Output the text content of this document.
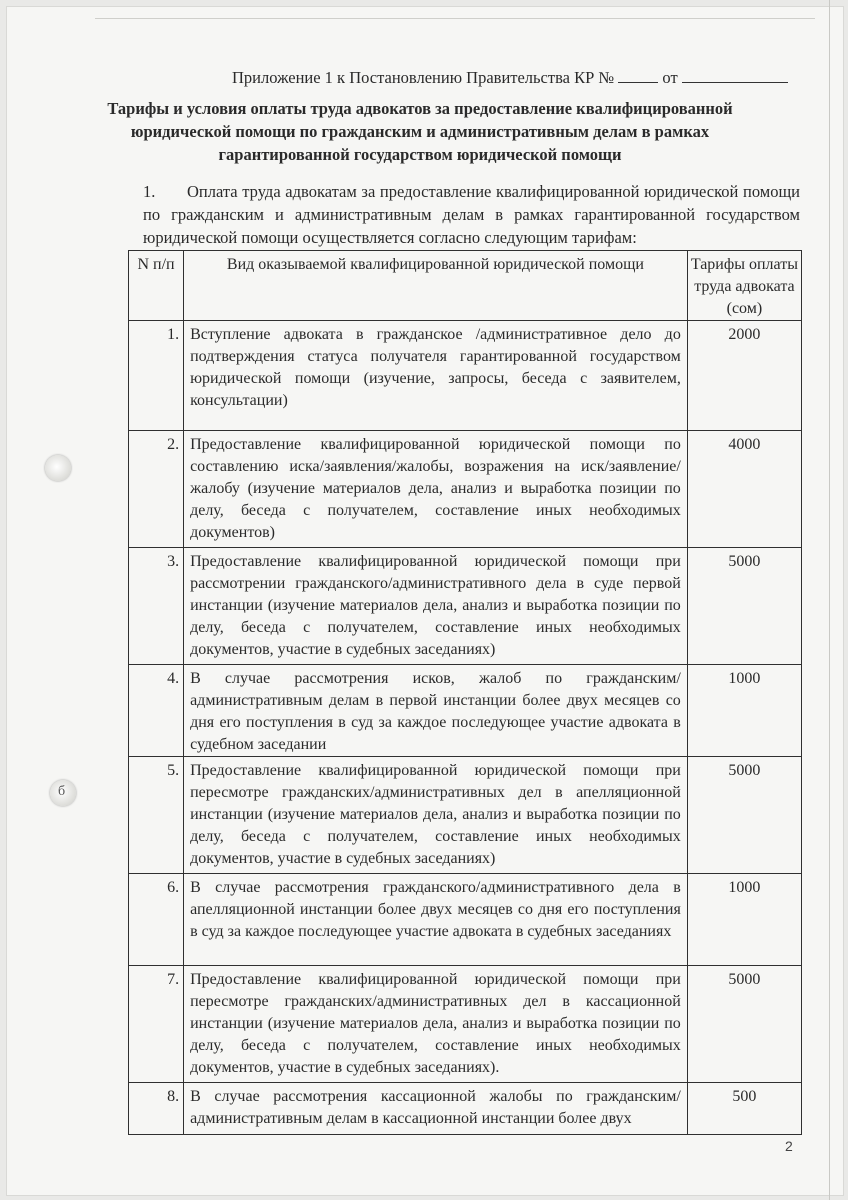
б
Приложение 1 к Постановлению Правительства КР №	от
Тарифы и условия оплаты труда адвокатов за предоставление квалифицированной юридической помощи по гражданским и административным делам в рамках гарантированной государством юридической помощи
1. Оплата труда адвокатам за предоставление квалифицированной юридической помощи по гражданским и административным делам в рамках гарантированной государством юридической помощи осуществляется согласно следующим тарифам:
N п/п	Вид оказываемой квалифицированной юридической помощи	Тарифы оплаты труда адвоката (сом)
1.	Вступление адвоката в гражданское /административное дело до подтверждения статуса получателя гарантированной государством юридической помощи (изучение, запросы, беседа с заявителем, консультации)	2000
2.	Предоставление квалифицированной юридической помощи по составлению иска/заявления/жалобы, возражения на иск/заявление/жалобу (изучение материалов дела, анализ и выработка позиции по делу, беседа с получателем, составление иных необходимых документов)	4000
3.	Предоставление квалифицированной юридической помощи при рассмотрении гражданского/административного дела в суде первой инстанции (изучение материалов дела, анализ и выработка позиции по делу, беседа с получателем, составление иных необходимых документов, участие в судебных заседаниях)	5000
4.	В случае рассмотрения исков, жалоб по гражданским/ административным делам в первой инстанции более двух месяцев со дня его поступления в суд за каждое последующее участие адвоката в судебном заседании	1000
5.	Предоставление квалифицированной юридической помощи при пересмотре гражданских/административных дел в апелляционной инстанции (изучение материалов дела, анализ и выработка позиции по делу, беседа с получателем, составление иных необходимых документов, участие в судебных заседаниях)	5000
6.	В случае рассмотрения гражданского/административного дела в апелляционной инстанции более двух месяцев со дня его поступления в суд за каждое последующее участие адвоката в судебных заседаниях	1000
7.	Предоставление квалифицированной юридической помощи при пересмотре гражданских/административных дел в кассационной инстанции (изучение материалов дела, анализ и выработка позиции по делу, беседа с получателем, составление иных необходимых документов, участие в судебных заседаниях).	5000
8.	В случае рассмотрения кассационной жалобы по гражданским/ административным делам в кассационной инстанции более двух	500
2
